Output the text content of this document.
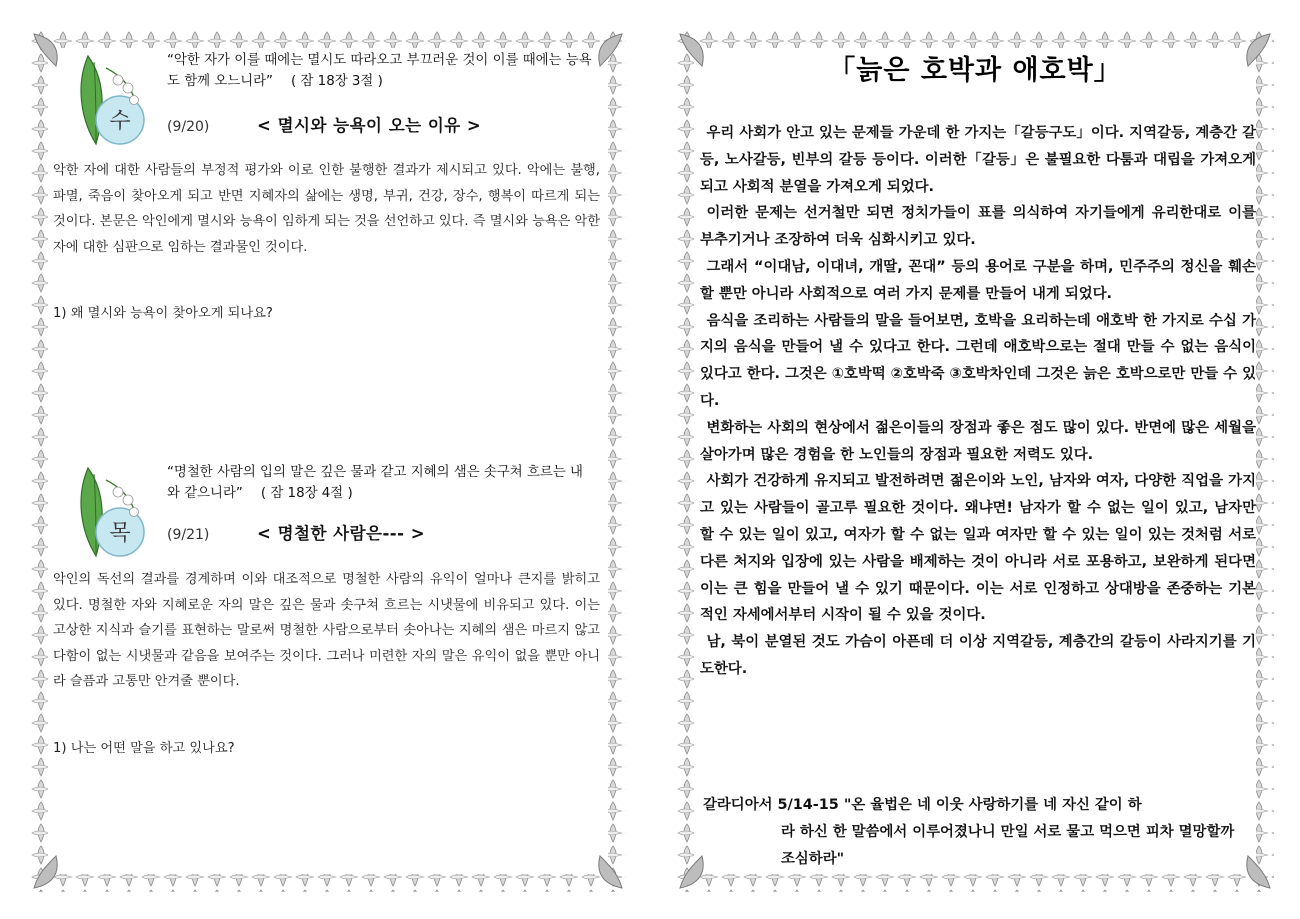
수
“악한 자가 이를 때에는 멸시도 따라오고 부끄러운 것이 이를 때에는 능욕도 함께 오느니라” ( 잠 18장 3절 )
(9/20)	< 멸시와 능욕이 오는 이유 >
악한 자에 대한 사람들의 부정적 평가와 이로 인한 불행한 결과가 제시되고 있다. 악에는 불행, 파멸, 죽음이 찾아오게 되고 반면 지혜자의 삶에는 생명, 부귀, 건강, 장수, 행복이 따르게 되는 것이다. 본문은 악인에게 멸시와 능욕이 임하게 되는 것을 선언하고 있다. 즉 멸시와 능욕은 악한 자에 대한 심판으로 임하는 결과물인 것이다.
1) 왜 멸시와 능욕이 찾아오게 되나요?
목
“명철한 사람의 입의 말은 깊은 물과 같고 지혜의 샘은 솟구쳐 흐르는 내와 같으니라” ( 잠 18장 4절 )
(9/21)	< 명철한 사람은--- >
악인의 독선의 결과를 경계하며 이와 대조적으로 명철한 사람의 유익이 얼마나 큰지를 밝히고 있다. 명철한 자와 지혜로운 자의 말은 깊은 물과 솟구쳐 흐르는 시냇물에 비유되고 있다. 이는 고상한 지식과 슬기를 표현하는 말로써 명철한 사람으로부터 솟아나는 지혜의 샘은 마르지 않고 다함이 없는 시냇물과 같음을 보여주는 것이다. 그러나 미련한 자의 말은 유익이 없을 뿐만 아니라 슬픔과 고통만 안겨줄 뿐이다.
1) 나는 어떤 말을 하고 있나요?
「늙은 호박과 애호박」

우리 사회가 안고 있는 문제들 가운데 한 가지는「갈등구도」이다. 지역갈등, 계층간 갈등, 노사갈등, 빈부의 갈등 등이다. 이러한「갈등」은 불필요한 다툼과 대립을 가져오게 되고 사회적 분열을 가져오게 되었다.

이러한 문제는 선거철만 되면 정치가들이 표를 의식하여 자기들에게 유리한대로 이를 부추기거나 조장하여 더욱 심화시키고 있다.

그래서 “이대남, 이대녀, 개딸, 꼰대” 등의 용어로 구분을 하며, 민주주의 정신을 훼손할 뿐만 아니라 사회적으로 여러 가지 문제를 만들어 내게 되었다.

음식을 조리하는 사람들의 말을 들어보면, 호박을 요리하는데 애호박 한 가지로 수십 가지의 음식을 만들어 낼 수 있다고 한다. 그런데 애호박으로는 절대 만들 수 없는 음식이 있다고 한다. 그것은 ①호박떡 ②호박죽 ③호박차인데 그것은 늙은 호박으로만 만들 수 있다.

변화하는 사회의 현상에서 젊은이들의 장점과 좋은 점도 많이 있다. 반면에 많은 세월을 살아가며 많은 경험을 한 노인들의 장점과 필요한 저력도 있다.

사회가 건강하게 유지되고 발전하려면 젊은이와 노인, 남자와 여자, 다양한 직업을 가지고 있는 사람들이 골고루 필요한 것이다. 왜냐면! 남자가 할 수 없는 일이 있고, 남자만 할 수 있는 일이 있고, 여자가 할 수 없는 일과 여자만 할 수 있는 일이 있는 것처럼 서로 다른 처지와 입장에 있는 사람을 배제하는 것이 아니라 서로 포용하고, 보완하게 된다면 이는 큰 힘을 만들어 낼 수 있기 때문이다. 이는 서로 인정하고 상대방을 존중하는 기본적인 자세에서부터 시작이 될 수 있을 것이다.

남, 북이 분열된 것도 가슴이 아픈데 더 이상 지역갈등, 계층간의 갈등이 사라지기를 기도한다.

갈라디아서 5/14-15 "온 율법은 네 이웃 사랑하기를 네 자신 같이 하
라 하신 한 말씀에서 이루어졌나니 만일 서로 물고 먹으면 피차 멸망할까 조심하라"
